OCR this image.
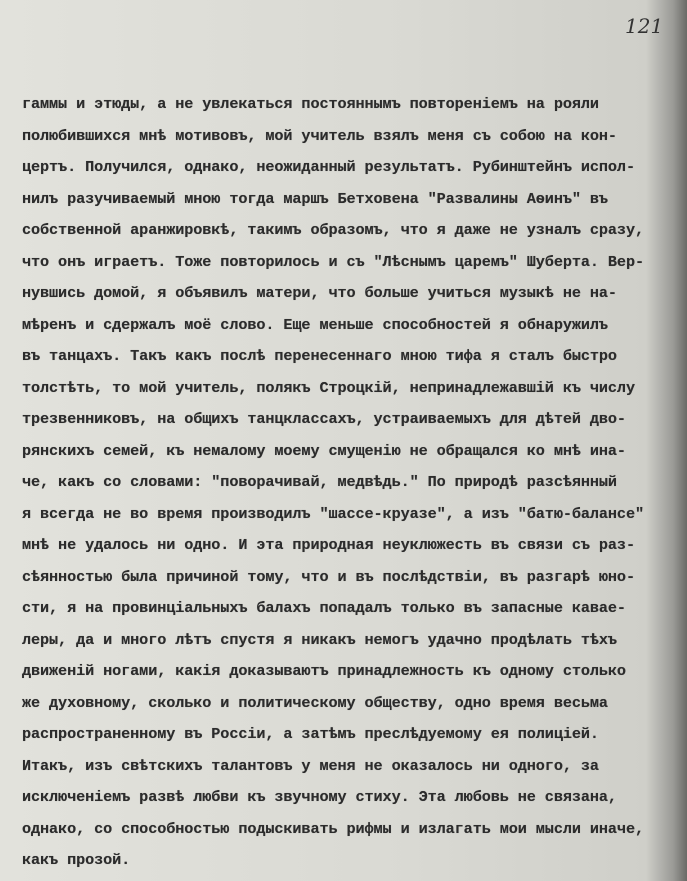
121
гаммы и этюды, а не увлекаться постояннымъ повтореніемъ на рояли
полюбившихся мнѣ мотивовъ, мой учитель взялъ меня съ собою на кон-
цертъ. Получился, однако, неожиданный результатъ. Рубинштейнъ испол-
нилъ разучиваемый мною тогда маршъ Бетховена "Развалины Аѳинъ" въ
собственной аранжировкѣ, такимъ образомъ, что я даже не узналъ сразу,
что онъ играетъ. Тоже повторилось и съ "Лѣснымъ царемъ" Шуберта. Вер-
нувшись домой, я объявилъ матери, что больше учиться музыкѣ не на-
мѣренъ и сдержалъ моё слово. Еще меньше способностей я обнаружилъ
въ танцахъ. Такъ какъ послѣ перенесеннаго мною тифа я сталъ быстро
толстѣть, то мой учитель, полякъ Строцкій, непринадлежавшій къ числу
трезвенниковъ, на общихъ танцклассахъ, устраиваемыхъ для дѣтей дво-
рянскихъ семей, къ немалому моему смущенію не обращался ко мнѣ ина-
че, какъ со словами: "поворачивай, медвѣдь." По природѣ разсѣянный
я всегда не во время производилъ "шассе-круазе", а изъ "батю-балансе"
мнѣ не удалось ни одно. И эта природная неуклюжесть въ связи съ раз-
сѣянностью была причиной тому, что и въ послѣдствіи, въ разгарѣ юно-
сти, я на провинціальныхъ балахъ попадалъ только въ запасные кавае-
леры, да и много лѣтъ спустя я никакъ немогъ удачно продѣлать тѣхъ
движеній ногами, какія доказываютъ принадлежность къ одному столько
же духовному, сколько и политическому обществу, одно время весьма
распространенному въ Россіи, а затѣмъ преслѣдуемому ея полиціей.
Итакъ, изъ свѣтскихъ талантовъ у меня не оказалось ни одного, за
исключеніемъ развѣ любви къ звучному стиху. Эта любовь не связана,
однако, со способностью подыскивать рифмы и излагать мои мысли иначе,
какъ прозой.
